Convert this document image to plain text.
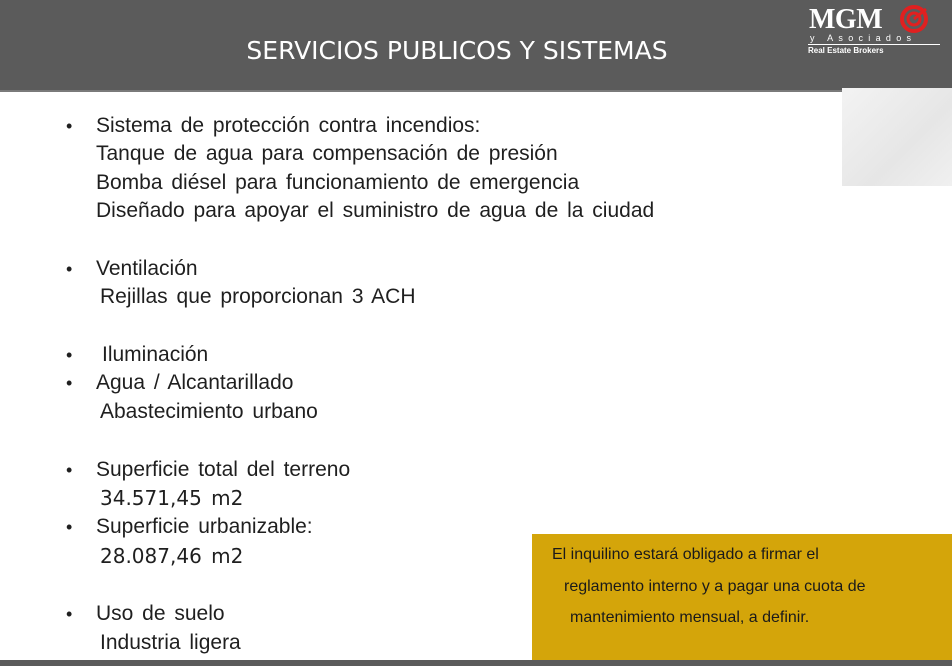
SERVICIOS PUBLICOS Y SISTEMAS
MGM
y Asociados
Real Estate Brokers
• Sistema de protección contra incendios:
Tanque de agua para compensación de presión
Bomba diésel para funcionamiento de emergencia
Diseñado para apoyar el suministro de agua de la ciudad
• Ventilación
Rejillas que proporcionan 3 ACH
• Iluminación
• Agua / Alcantarillado
Abastecimiento urbano
• Superficie total del terreno
34.571,45 m2
• Superficie urbanizable:
28.087,46 m2
• Uso de suelo
Industria ligera
El inquilino estará obligado a firmar el
reglamento interno y a pagar una cuota de
mantenimiento mensual, a definir.
